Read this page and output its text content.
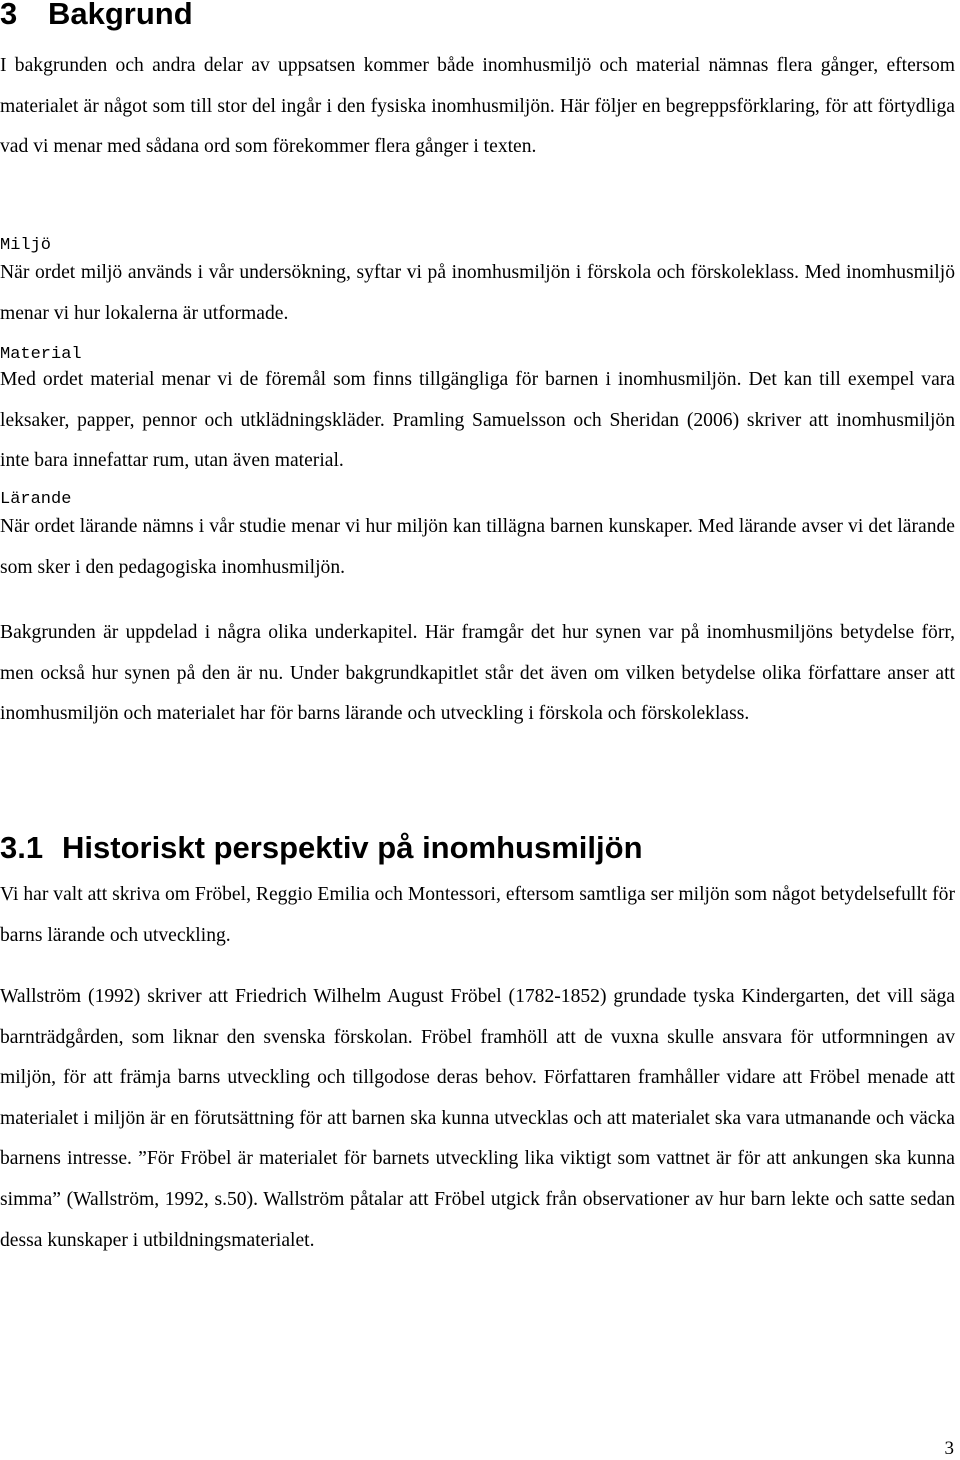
3 Bakgrund

I bakgrunden och andra delar av uppsatsen kommer både inomhusmiljö och material nämnas flera gånger, eftersom materialet är något som till stor del ingår i den fysiska inomhusmiljön. Här följer en begreppsförklaring, för att förtydliga vad vi menar med sådana ord som förekommer flera gånger i texten.

Miljö

När ordet miljö används i vår undersökning, syftar vi på inomhusmiljön i förskola och förskoleklass. Med inomhusmiljö menar vi hur lokalerna är utformade.

Material

Med ordet material menar vi de föremål som finns tillgängliga för barnen i inomhusmiljön. Det kan till exempel vara leksaker, papper, pennor och utklädningskläder. Pramling Samuelsson och Sheridan (2006) skriver att inomhusmiljön inte bara innefattar rum, utan även material.

Lärande

När ordet lärande nämns i vår studie menar vi hur miljön kan tillägna barnen kunskaper. Med lärande avser vi det lärande som sker i den pedagogiska inomhusmiljön.

Bakgrunden är uppdelad i några olika underkapitel. Här framgår det hur synen var på inomhusmiljöns betydelse förr, men också hur synen på den är nu. Under bakgrundkapitlet står det även om vilken betydelse olika författare anser att inomhusmiljön och materialet har för barns lärande och utveckling i förskola och förskoleklass.

3.1 Historiskt perspektiv på inomhusmiljön

Vi har valt att skriva om Fröbel, Reggio Emilia och Montessori, eftersom samtliga ser miljön som något betydelsefullt för barns lärande och utveckling.

Wallström (1992) skriver att Friedrich Wilhelm August Fröbel (1782-1852) grundade tyska Kindergarten, det vill säga barnträdgården, som liknar den svenska förskolan. Fröbel framhöll att de vuxna skulle ansvara för utformningen av miljön, för att främja barns utveckling och tillgodose deras behov. Författaren framhåller vidare att Fröbel menade att materialet i miljön är en förutsättning för att barnen ska kunna utvecklas och att materialet ska vara utmanande och väcka barnens intresse. ”För Fröbel är materialet för barnets utveckling lika viktigt som vattnet är för att ankungen ska kunna simma” (Wallström, 1992, s.50). Wallström påtalar att Fröbel utgick från observationer av hur barn lekte och satte sedan dessa kunskaper i utbildningsmaterialet.

3
